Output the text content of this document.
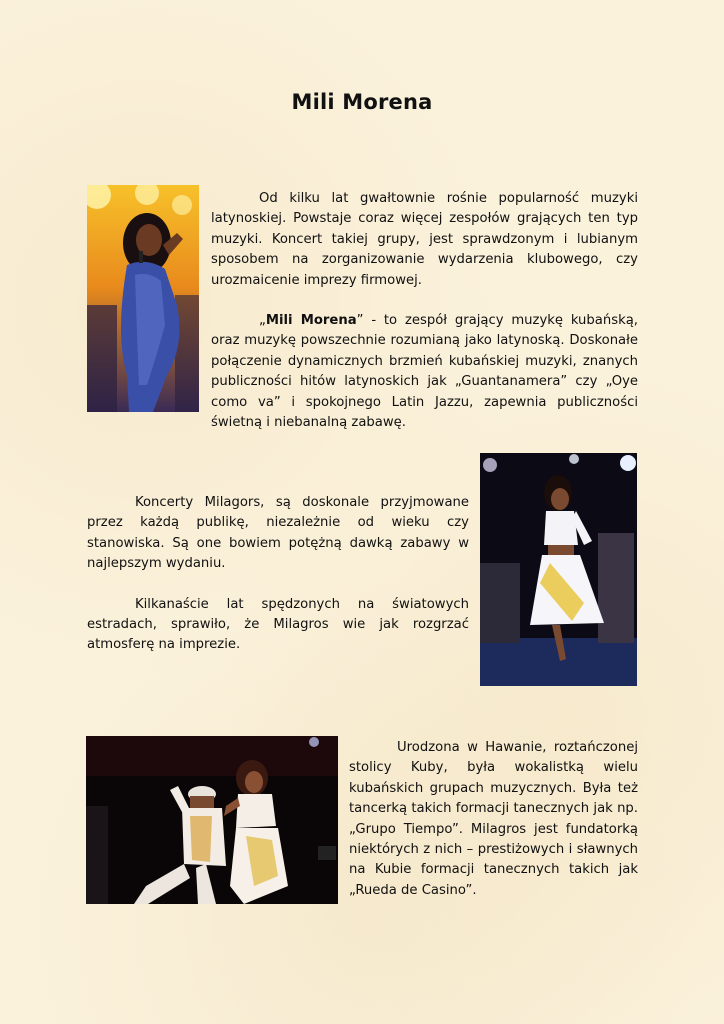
Mili Morena

Od kilku lat gwałtownie rośnie popularność muzyki latynoskiej. Powstaje coraz więcej zespołów grających ten typ muzyki. Koncert takiej grupy, jest sprawdzonym i lubianym sposobem na zorganizowanie wydarzenia klubowego, czy urozmaicenie imprezy firmowej.

„Mili Morena” - to zespół grający muzykę kubańską, oraz muzykę powszechnie rozumianą jako latynoską. Doskonałe połączenie dynamicznych brzmień kubańskiej muzyki, znanych publiczności hitów latynoskich jak „Guantanamera” czy „Oye como va” i spokojnego Latin Jazzu, zapewnia publiczności świetną i niebanalną zabawę.

Koncerty Milagors, są doskonale przyjmowane przez każdą publikę, niezależnie od wieku czy stanowiska. Są one bowiem potężną dawką zabawy w najlepszym wydaniu.

Kilkanaście lat spędzonych na światowych estradach, sprawiło, że Milagros wie jak rozgrzać atmosferę na imprezie.

Urodzona w Hawanie, roztańczonej stolicy Kuby, była wokalistką wielu kubańskich grupach muzycznych. Była też tancerką takich formacji tanecznych jak np. „Grupo Tiempo”. Milagros jest fundatorką niektórych z nich – prestiżowych i sławnych na Kubie formacji tanecznych takich jak „Rueda de Casino”.
